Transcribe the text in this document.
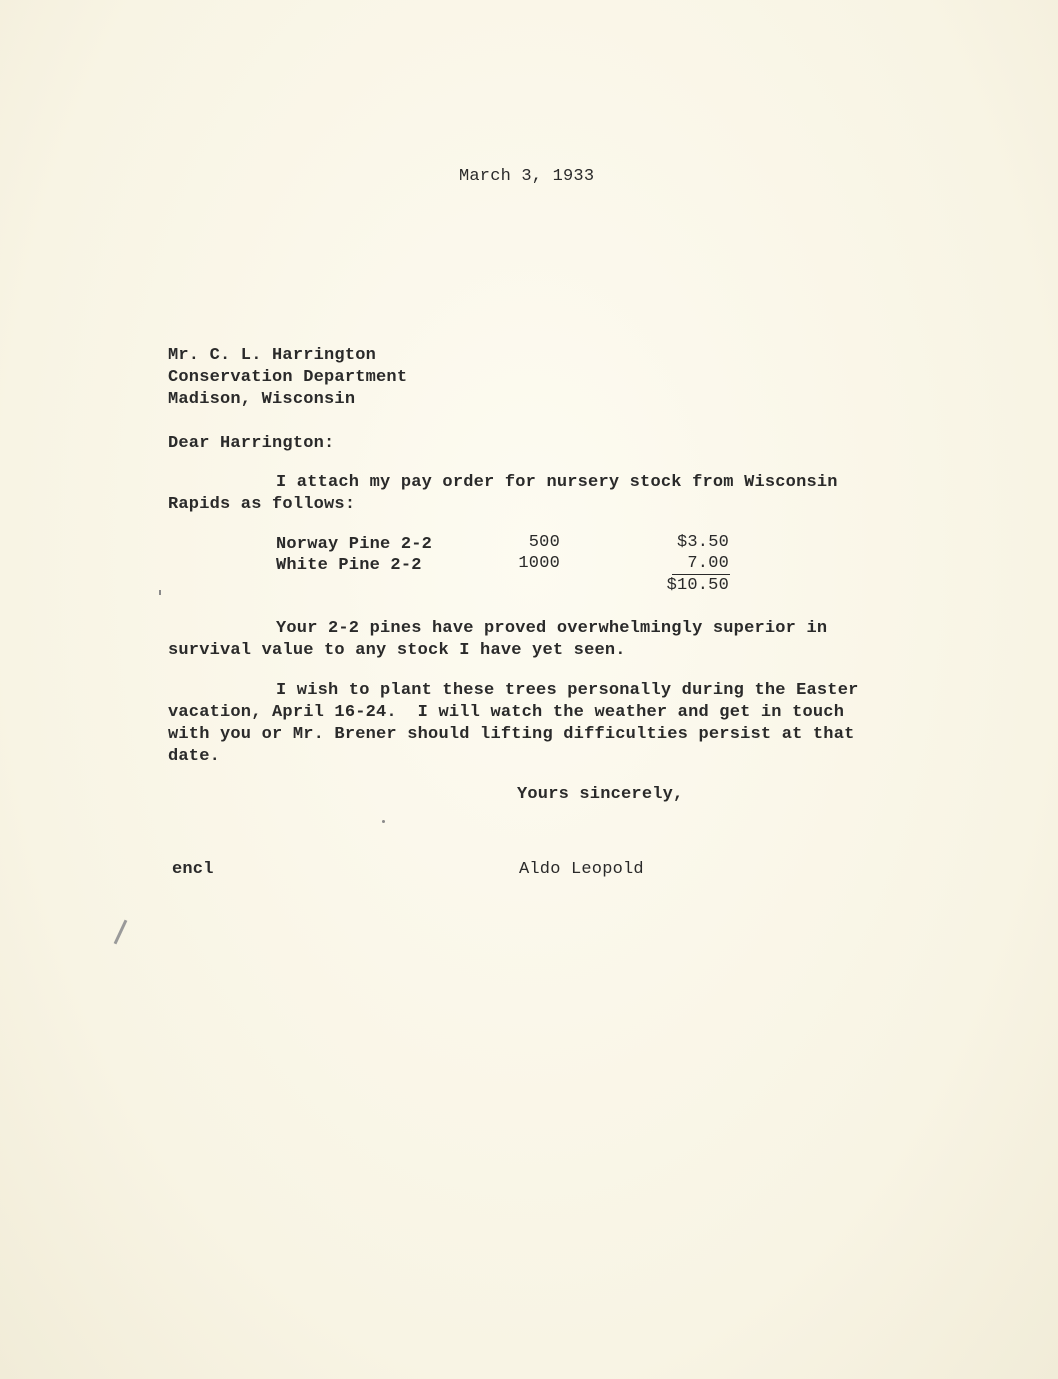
March 3, 1933
Mr. C. L. Harrington
Conservation Department
Madison, Wisconsin
Dear Harrington:
I attach my pay order for nursery stock from Wisconsin
Rapids as follows:
Norway Pine 2-2	500	$3.50
White Pine 2-2	1000	7.00
$10.50
Your 2-2 pines have proved overwhelmingly superior in
survival value to any stock I have yet seen.
I wish to plant these trees personally during the Easter
vacation, April 16-24.  I will watch the weather and get in touch
with you or Mr. Brener should lifting difficulties persist at that
date.
Yours sincerely,
encl	Aldo Leopold
